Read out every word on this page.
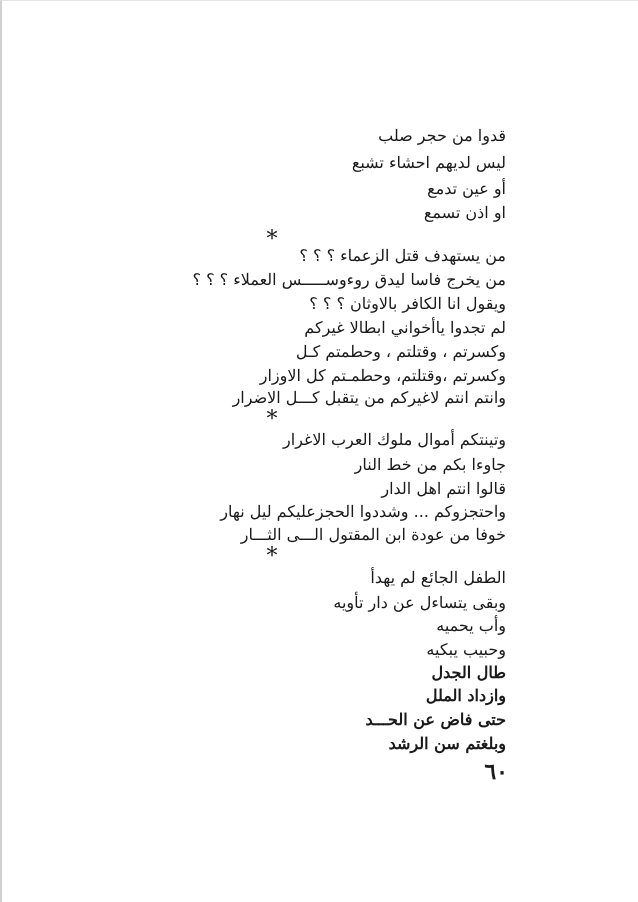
قدوا من حجر صلب
ليس لديهم احشاء تشبع
أو عين تدمع
او اذن تسمع
*
من يستهدف قتل الزعماء ؟ ؟ ؟
من يخرج فاسا ليدق روءوســـــس العملاء ؟ ؟ ؟
ويقول انا الكافر بالاوثان ؟ ؟ ؟
لم تجدوا ياأخواني ابطالا غيركم
وكسرتم ، وقتلتم ، وحطمتم كـل
وكسرتم ،وقتلتم، وحطمـتم كل الاوزار
وانتم انتم لاغيركم من يتقبل كـــل الاضرار
*
وتينتكم أموال ملوك العرب الاغرار
جاوءا بكم من خط النار
قالوا انتم اهل الدار
واحتجزوكم ... وشددوا الحجزعليكم ليل نهار
خوفا من عودة ابن المقتول الـــى الثـــار
*
الطفل الجائع لم يهدأ
وبقى يتساءل عن دار تأويه
وأب يحميه
وحبيب يبكيه
طال الجدل
وازداد الملل
حتى فاض عن الحـــد
وبلغتم سن الرشد
٦٠
